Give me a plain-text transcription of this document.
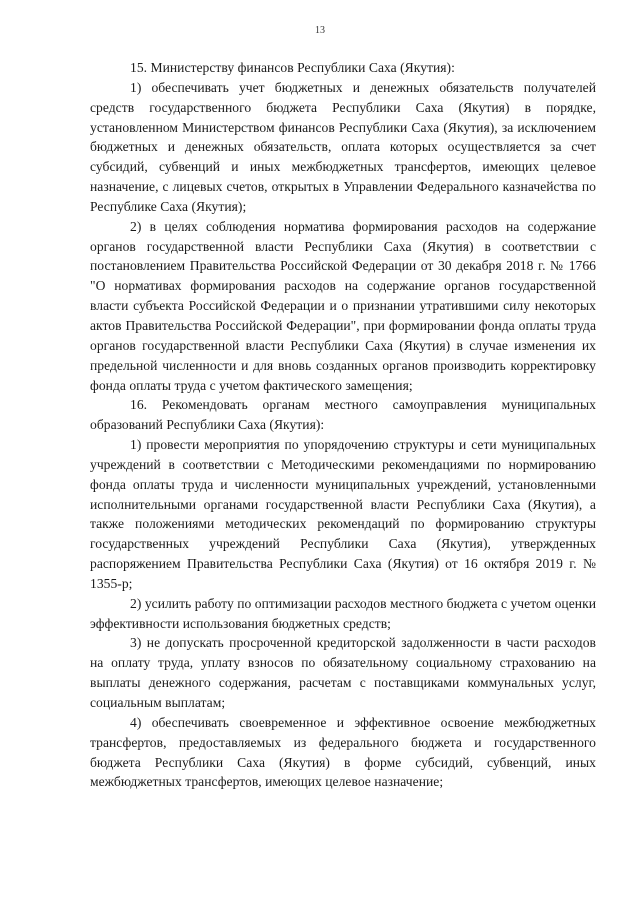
13

15. Министерству финансов Республики Саха (Якутия):

1) обеспечивать учет бюджетных и денежных обязательств получателей средств государственного бюджета Республики Саха (Якутия) в порядке, установленном Министерством финансов Республики Саха (Якутия), за исключением бюджетных и денежных обязательств, оплата которых осуществляется за счет субсидий, субвенций и иных межбюджетных трансфертов, имеющих целевое назначение, с лицевых счетов, открытых в Управлении Федерального казначейства по Республике Саха (Якутия);

2) в целях соблюдения норматива формирования расходов на содержание органов государственной власти Республики Саха (Якутия) в соответствии с постановлением Правительства Российской Федерации от 30 декабря 2018 г. № 1766 "О нормативах формирования расходов на содержание органов государственной власти субъекта Российской Федерации и о признании утратившими силу некоторых актов Правительства Российской Федерации", при формировании фонда оплаты труда органов государственной власти Республики Саха (Якутия) в случае изменения их предельной численности и для вновь созданных органов производить корректировку фонда оплаты труда с учетом фактического замещения;

16. Рекомендовать органам местного самоуправления муниципальных образований Республики Саха (Якутия):

1) провести мероприятия по упорядочению структуры и сети муниципальных учреждений в соответствии с Методическими рекомендациями по нормированию фонда оплаты труда и численности муниципальных учреждений, установленными исполнительными органами государственной власти Республики Саха (Якутия), а также положениями методических рекомендаций по формированию структуры государственных учреждений Республики Саха (Якутия), утвержденных распоряжением Правительства Республики Саха (Якутия) от 16 октября 2019 г. № 1355-р;

2) усилить работу по оптимизации расходов местного бюджета с учетом оценки эффективности использования бюджетных средств;

3) не допускать просроченной кредиторской задолженности в части расходов на оплату труда, уплату взносов по обязательному социальному страхованию на выплаты денежного содержания, расчетам с поставщиками коммунальных услуг, социальным выплатам;

4) обеспечивать своевременное и эффективное освоение межбюджетных трансфертов, предоставляемых из федерального бюджета и государственного бюджета Республики Саха (Якутия) в форме субсидий, субвенций, иных межбюджетных трансфертов, имеющих целевое назначение;
